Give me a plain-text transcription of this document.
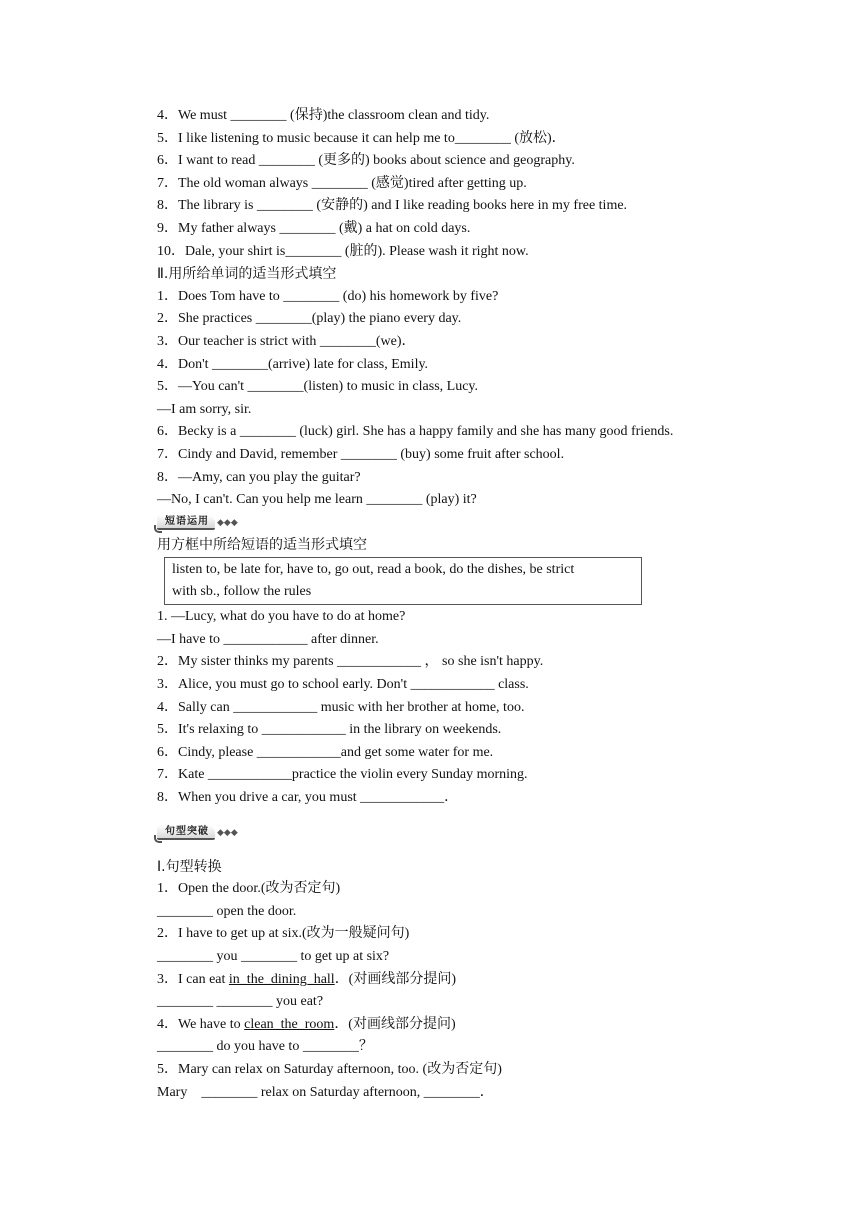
4．We must ________ (保持)the classroom clean and tidy.
5．I like listening to music because it can help me to________ (放松)．
6．I want to read ________ (更多的) books about science and geography.
7．The old woman always ________ (感觉)tired after getting up.
8．The library is ________ (安静的) and I like reading books here in my free time.
9．My father always ________ (戴) a hat on cold days.
10．Dale, your shirt is________ (脏的). Please wash it right now.
Ⅱ.用所给单词的适当形式填空
1．Does Tom have to ________ (do) his homework by five?
2．She practices ________(play) the piano every day.
3．Our teacher is strict with ________(we)．
4．Don't ________(arrive) late for class, Emily.
5．—You can't ________(listen) to music in class, Lucy.
—I am sorry, sir.
6．Becky is a ________ (luck) girl. She has a happy family and she has many good friends.
7．Cindy and David, remember ________ (buy) some fruit after school.
8．—Amy, can you play the guitar?
—No, I can't. Can you help me learn ________ (play) it?
短语运用 ◆◆◆
用方框中所给短语的适当形式填空
listen to, be late for, have to, go out, read a book, do the dishes, be strict
with sb., follow the rules
1. —Lucy, what do you have to do at home?
—I have to ____________ after dinner.
2．My sister thinks my parents ____________ ， so she isn't happy.
3．Alice, you must go to school early. Don't ____________ class.
4．Sally can ____________ music with her brother at home, too.
5．It's relaxing to ____________ in the library on weekends.
6．Cindy, please ____________and get some water for me.
7．Kate ____________practice the violin every Sunday morning.
8．When you drive a car, you must ____________．
句型突破 ◆◆◆
Ⅰ.句型转换
1．Open the door.(改为否定句)
________ open the door.
2．I have to get up at six.(改为一般疑问句)
________ you ________ to get up at six?
3．I can eat in_the_dining_hall．(对画线部分提问)
________ ________ you eat?
4．We have to clean_the_room．(对画线部分提问)
________ do you have to ________？
5．Mary can relax on Saturday afternoon, too. (改为否定句)
Mary    ________ relax on Saturday afternoon, ________．
